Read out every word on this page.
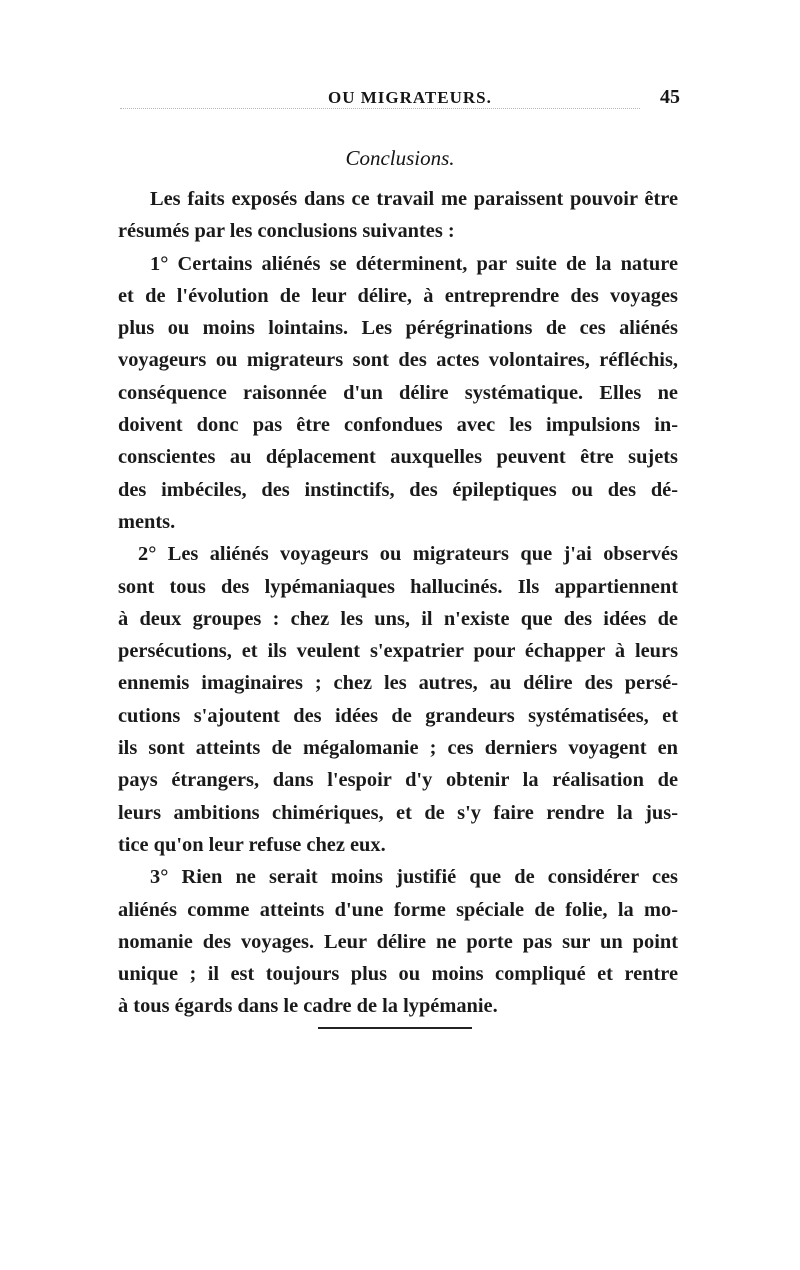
OU MIGRATEURS.	45
Conclusions.
Les faits exposés dans ce travail me paraissent pouvoir être
résumés par les conclusions suivantes :
1° Certains aliénés se déterminent, par suite de la nature
et de l'évolution de leur délire, à entreprendre des voyages
plus ou moins lointains. Les pérégrinations de ces aliénés
voyageurs ou migrateurs sont des actes volontaires, réfléchis,
conséquence raisonnée d'un délire systématique. Elles ne
doivent donc pas être confondues avec les impulsions in-
conscientes au déplacement auxquelles peuvent être sujets
des imbéciles, des instinctifs, des épileptiques ou des dé-
ments.
2° Les aliénés voyageurs ou migrateurs que j'ai observés
sont tous des lypémaniaques hallucinés. Ils appartiennent
à deux groupes : chez les uns, il n'existe que des idées de
persécutions, et ils veulent s'expatrier pour échapper à leurs
ennemis imaginaires ; chez les autres, au délire des persé-
cutions s'ajoutent des idées de grandeurs systématisées, et
ils sont atteints de mégalomanie ; ces derniers voyagent en
pays étrangers, dans l'espoir d'y obtenir la réalisation de
leurs ambitions chimériques, et de s'y faire rendre la jus-
tice qu'on leur refuse chez eux.
3° Rien ne serait moins justifié que de considérer ces
aliénés comme atteints d'une forme spéciale de folie, la mo-
nomanie des voyages. Leur délire ne porte pas sur un point
unique ; il est toujours plus ou moins compliqué et rentre
à tous égards dans le cadre de la lypémanie.
